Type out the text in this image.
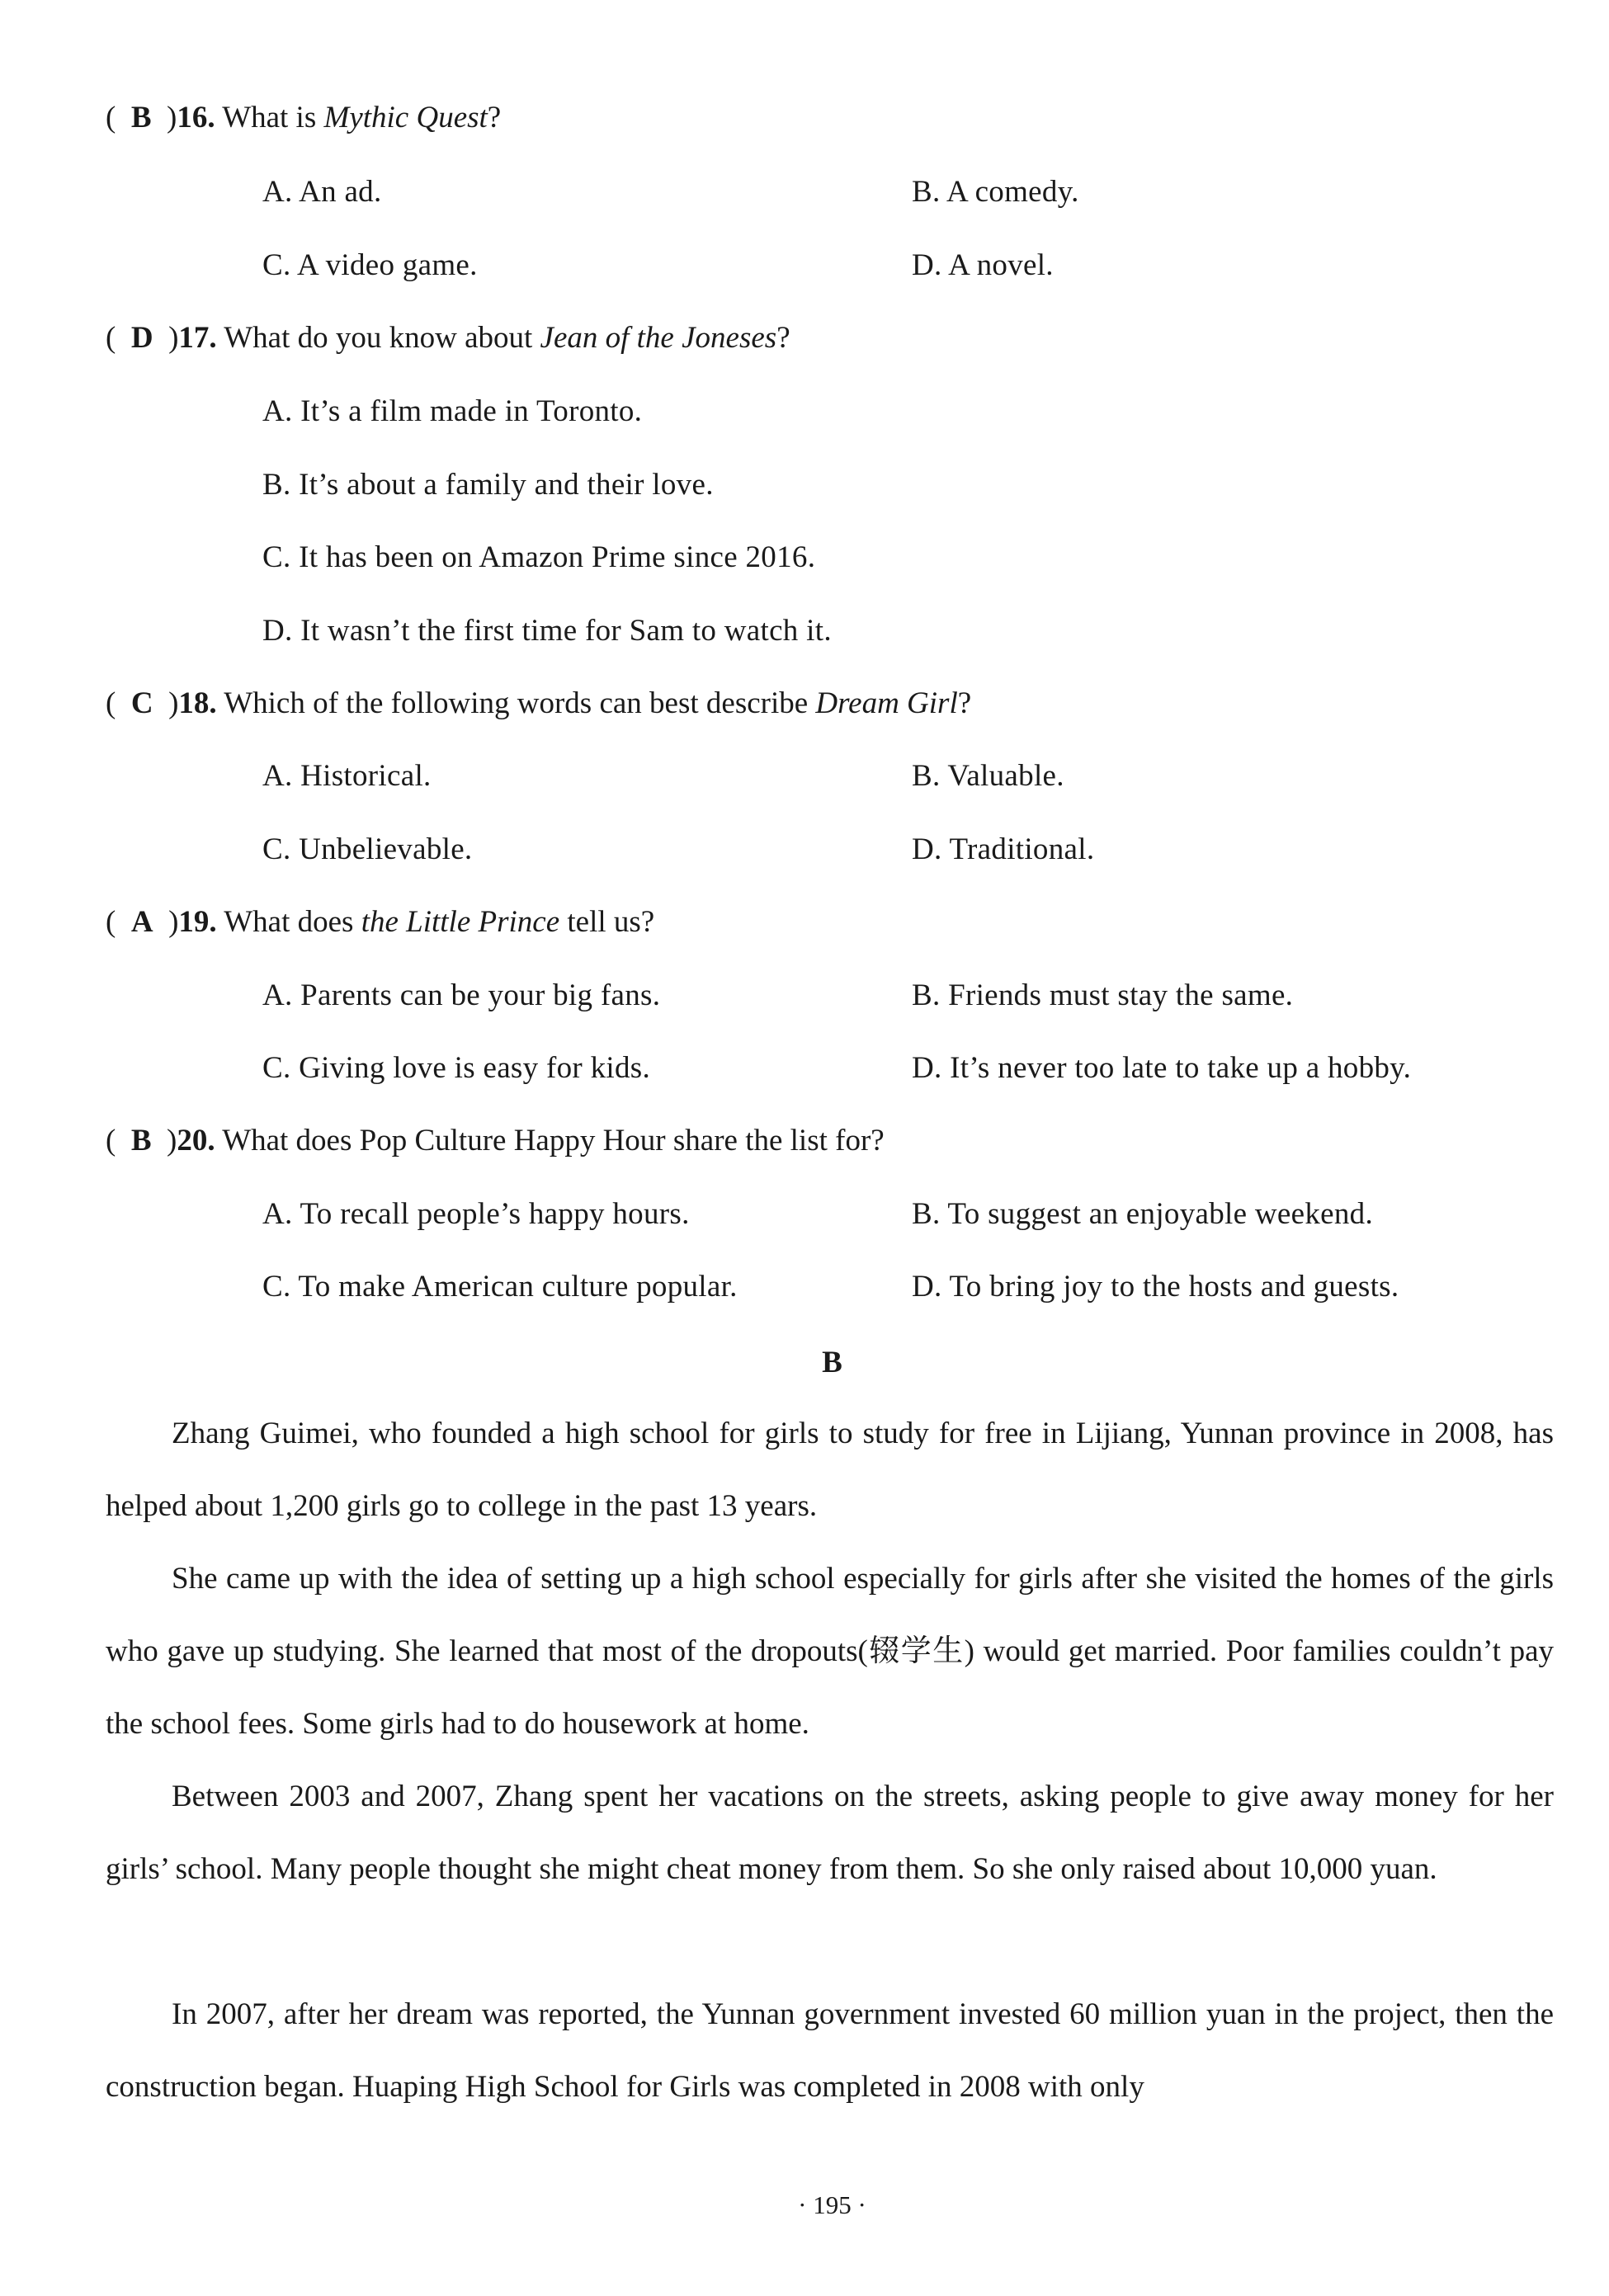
(  B  )16. What is Mythic Quest?
A. An ad.	B. A comedy.
C. A video game.	D. A novel.
(  D  )17. What do you know about Jean of the Joneses?
A. It’s a film made in Toronto.
B. It’s about a family and their love.
C. It has been on Amazon Prime since 2016.
D. It wasn’t the first time for Sam to watch it.
(  C  )18. Which of the following words can best describe Dream Girl?
A. Historical.	B. Valuable.
C. Unbelievable.	D. Traditional.
(  A  )19. What does the Little Prince tell us?
A. Parents can be your big fans.	B. Friends must stay the same.
C. Giving love is easy for kids.	D. It’s never too late to take up a hobby.
(  B  )20. What does Pop Culture Happy Hour share the list for?
A. To recall people’s happy hours.	B. To suggest an enjoyable weekend.
C. To make American culture popular.	D. To bring joy to the hosts and guests.
B

Zhang Guimei, who founded a high school for girls to study for free in Lijiang, Yunnan province in 2008, has helped about 1,200 girls go to college in the past 13 years.

She came up with the idea of setting up a high school especially for girls after she visited the homes of the girls who gave up studying. She learned that most of the dropouts(辍学生) would get married. Poor families couldn’t pay the school fees. Some girls had to do housework at home.

Between 2003 and 2007, Zhang spent her vacations on the streets, asking people to give away money for her girls’ school. Many people thought she might cheat money from them. So she only raised about 10,000 yuan.

In 2007, after her dream was reported, the Yunnan government invested 60 million yuan in the project, then the construction began. Huaping High School for Girls was completed in 2008 with only

· 195 ·
